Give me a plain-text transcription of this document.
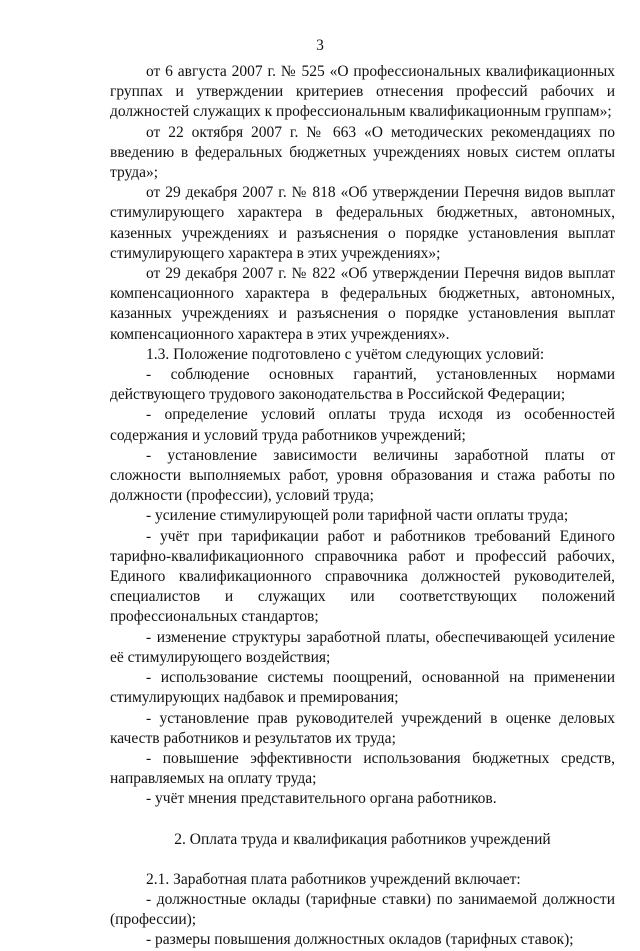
3

от 6 августа 2007 г. № 525 «О профессиональных квалификационных группах и утверждении критериев отнесения профессий рабочих и должностей служащих к профессиональным квалификационным группам»;

от 22 октября 2007 г. № 663 «О методических рекомендациях по введению в федеральных бюджетных учреждениях новых систем оплаты труда»;

от 29 декабря 2007 г. № 818 «Об утверждении Перечня видов выплат стимулирующего характера в федеральных бюджетных, автономных, казенных учреждениях и разъяснения о порядке установления выплат стимулирующего характера в этих учреждениях»;

от 29 декабря 2007 г. № 822 «Об утверждении Перечня видов выплат компенсационного характера в федеральных бюджетных, автономных, казанных учреждениях и разъяснения о порядке установления выплат компенсационного характера в этих учреждениях».

1.3. Положение подготовлено с учётом следующих условий:

- соблюдение основных гарантий, установленных нормами действующего трудового законодательства в Российской Федерации;

- определение условий оплаты труда исходя из особенностей содержания и условий труда работников учреждений;

- установление зависимости величины заработной платы от сложности выполняемых работ, уровня образования и стажа работы по должности (профессии), условий труда;

- усиление стимулирующей роли тарифной части оплаты труда;

- учёт при тарификации работ и работников требований Единого тарифно-квалификационного справочника работ и профессий рабочих, Единого квалификационного справочника должностей руководителей, специалистов и служащих или соответствующих положений профессиональных стандартов;

- изменение структуры заработной платы, обеспечивающей усиление её стимулирующего воздействия;

- использование системы поощрений, основанной на применении стимулирующих надбавок и премирования;

- установление прав руководителей учреждений в оценке деловых качеств работников и результатов их труда;

- повышение эффективности использования бюджетных средств, направляемых на оплату труда;

- учёт мнения представительного органа работников.

2. Оплата труда и квалификация работников учреждений

2.1. Заработная плата работников учреждений включает:

- должностные оклады (тарифные ставки) по занимаемой должности (профессии);

- размеры повышения должностных окладов (тарифных ставок);
